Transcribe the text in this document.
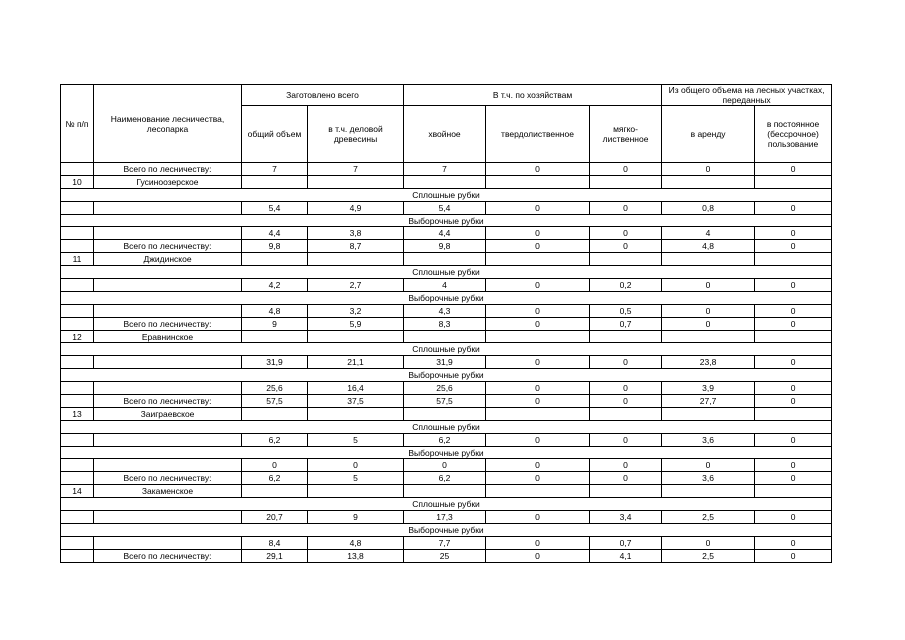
№ п/п	Наименование лесничества, лесопарка	Заготовлено всего		В т.ч. по хозяйствам			Из общего объема на лесных участках, переданных	
		общий объем	в т.ч. деловой древесины	хвойное	твердолиственное	мягко- лиственное	в аренду	в постоянное (бессрочное) пользование
	Всего по лесничеству:	7	7	7	0	0	0	0
10	Гусиноозерское							
Сплошные рубки								
		5,4	4,9	5,4	0	0	0,8	0
Выборочные рубки								
		4,4	3,8	4,4	0	0	4	0
	Всего по лесничеству:	9,8	8,7	9,8	0	0	4,8	0
11	Джидинское							
Сплошные рубки								
		4,2	2,7	4	0	0,2	0	0
Выборочные рубки								
		4,8	3,2	4,3	0	0,5	0	0
	Всего по лесничеству:	9	5,9	8,3	0	0,7	0	0
12	Еравнинское							
Сплошные рубки								
		31,9	21,1	31,9	0	0	23,8	0
Выборочные рубки								
		25,6	16,4	25,6	0	0	3,9	0
	Всего по лесничеству:	57,5	37,5	57,5	0	0	27,7	0
13	Заиграевское							
Сплошные рубки								
		6,2	5	6,2	0	0	3,6	0
Выборочные рубки								
		0	0	0	0	0	0	0
	Всего по лесничеству:	6,2	5	6,2	0	0	3,6	0
14	Закаменское							
Сплошные рубки								
		20,7	9	17,3	0	3,4	2,5	0
Выборочные рубки								
		8,4	4,8	7,7	0	0,7	0	0
	Всего по лесничеству:	29,1	13,8	25	0	4,1	2,5	0
